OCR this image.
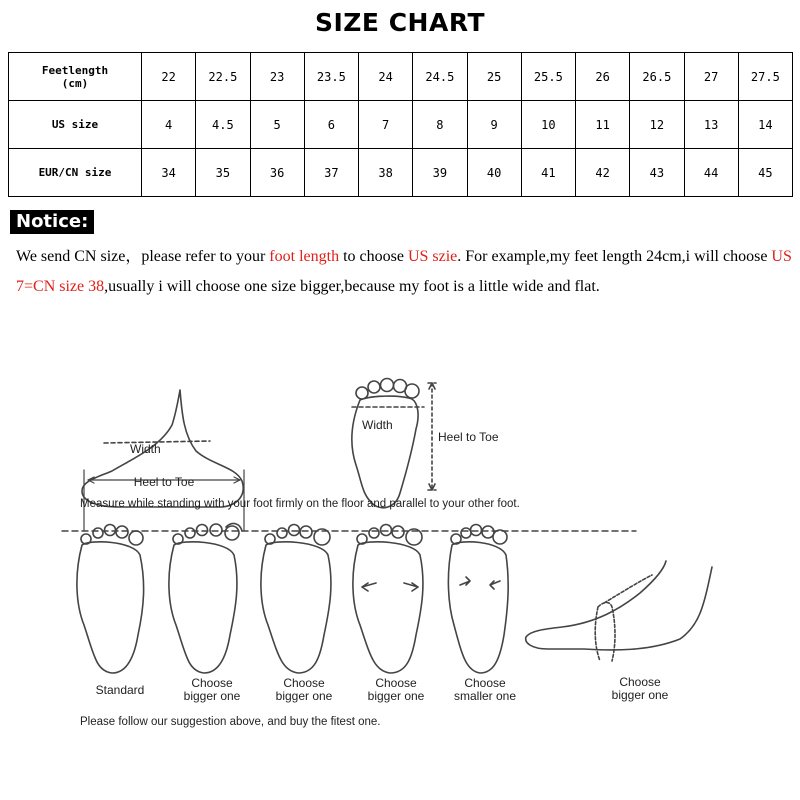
SIZE CHART
Feetlength
(cm)	22	22.5	23	23.5	24	24.5	25	25.5	26	26.5	27	27.5
US size	4	4.5	5	6	7	8	9	10	11	12	13	14
EUR/CN size	34	35	36	37	38	39	40	41	42	43	44	45
Notice:
We send CN size，please refer to your foot length to choose US szie. For example,my feet length 24cm,i will choose US 7=CN size 38,usually i will choose one size bigger,because my foot is a little wide and flat.
Width
Heel to Toe
Width
Heel to Toe
Measure while standing with your foot firmly on the floor and parallel to your other foot.
Standard	Choose
bigger one
Choose
bigger one
Choose
bigger one
Choose
smaller one
Choose
bigger one
Please follow our suggestion above, and buy the fitest one.
